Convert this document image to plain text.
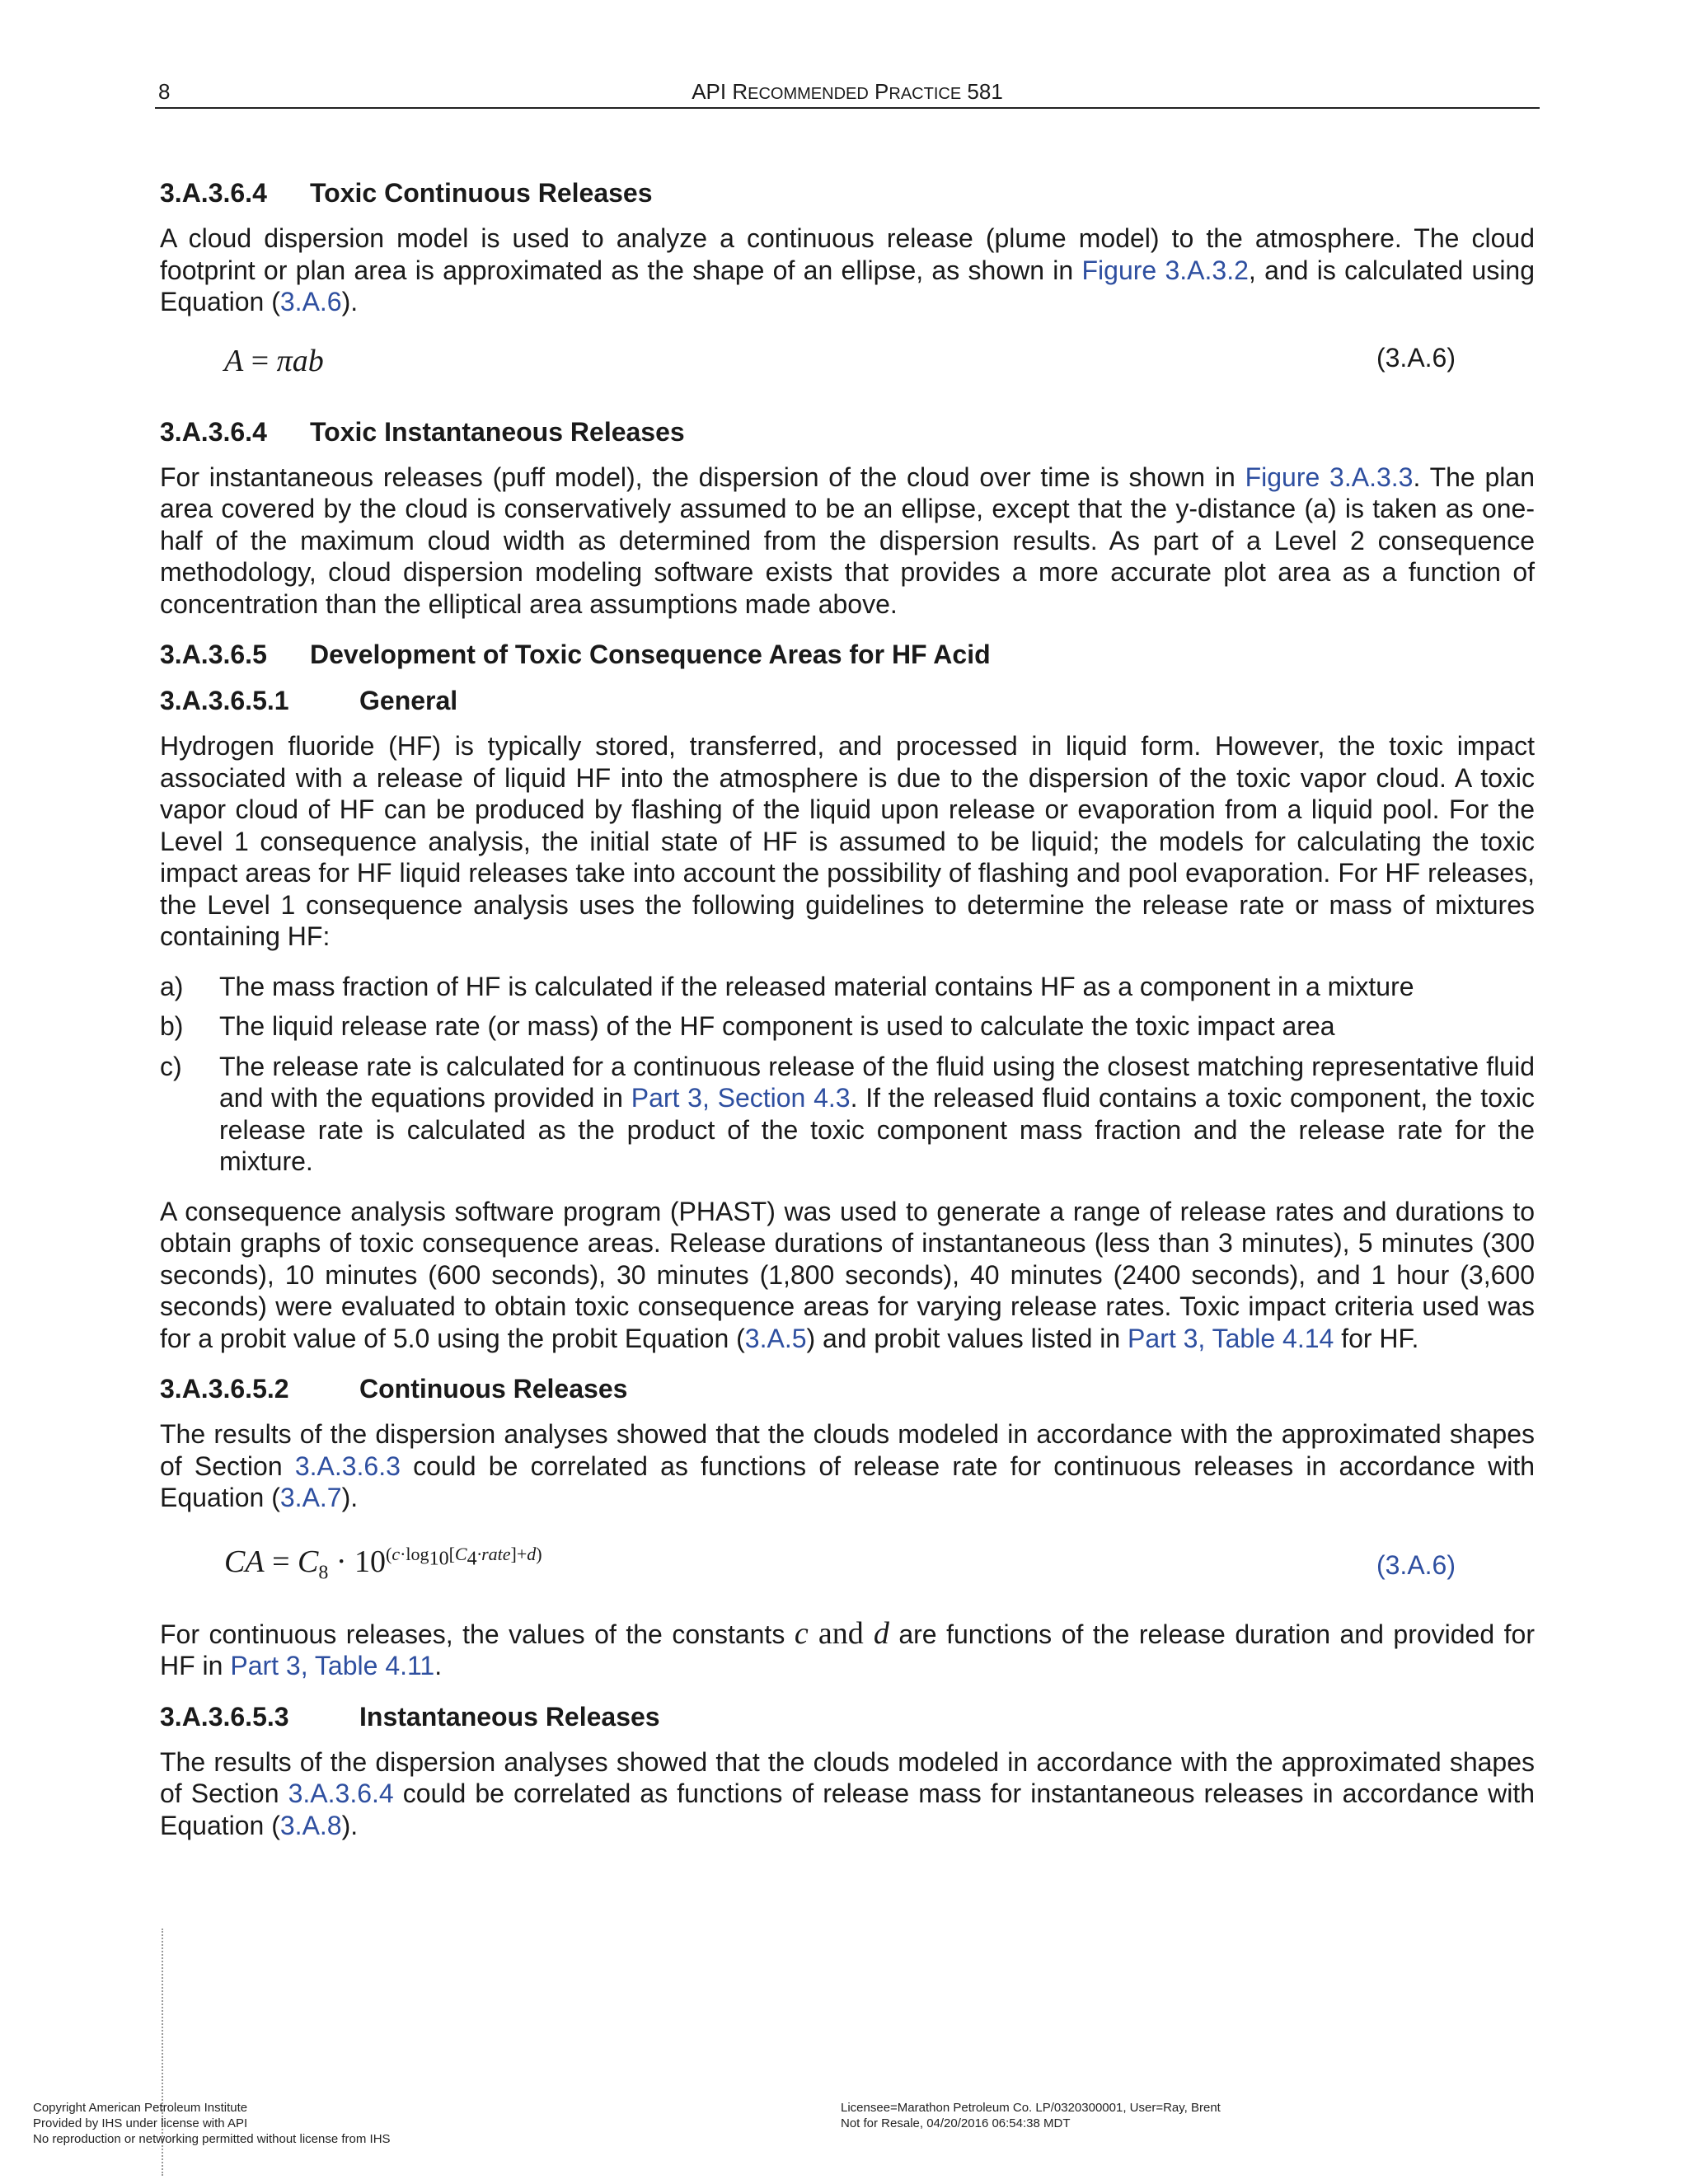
8	API RECOMMENDED PRACTICE 581
3.A.3.6.4	Toxic Continuous Releases

A cloud dispersion model is used to analyze a continuous release (plume model) to the atmosphere. The cloud footprint or plan area is approximated as the shape of an ellipse, as shown in Figure 3.A.3.2, and is calculated using Equation (3.A.6).

A = πab	(3.A.6)
3.A.3.6.4	Toxic Instantaneous Releases

For instantaneous releases (puff model), the dispersion of the cloud over time is shown in Figure 3.A.3.3. The plan area covered by the cloud is conservatively assumed to be an ellipse, except that the y-distance (a) is taken as one-half of the maximum cloud width as determined from the dispersion results. As part of a Level 2 consequence methodology, cloud dispersion modeling software exists that provides a more accurate plot area as a function of concentration than the elliptical area assumptions made above.

3.A.3.6.5	Development of Toxic Consequence Areas for HF Acid
3.A.3.6.5.1	General

Hydrogen fluoride (HF) is typically stored, transferred, and processed in liquid form. However, the toxic impact associated with a release of liquid HF into the atmosphere is due to the dispersion of the toxic vapor cloud. A toxic vapor cloud of HF can be produced by flashing of the liquid upon release or evaporation from a liquid pool. For the Level 1 consequence analysis, the initial state of HF is assumed to be liquid; the models for calculating the toxic impact areas for HF liquid releases take into account the possibility of flashing and pool evaporation. For HF releases, the Level 1 consequence analysis uses the following guidelines to determine the release rate or mass of mixtures containing HF:

a)	The mass fraction of HF is calculated if the released material contains HF as a component in a mixture
b)	The liquid release rate (or mass) of the HF component is used to calculate the toxic impact area
c)	The release rate is calculated for a continuous release of the fluid using the closest matching representative fluid and with the equations provided in Part 3, Section 4.3. If the released fluid contains a toxic component, the toxic release rate is calculated as the product of the toxic component mass fraction and the release rate for the mixture.

A consequence analysis software program (PHAST) was used to generate a range of release rates and durations to obtain graphs of toxic consequence areas. Release durations of instantaneous (less than 3 minutes), 5 minutes (300 seconds), 10 minutes (600 seconds), 30 minutes (1,800 seconds), 40 minutes (2400 seconds), and 1 hour (3,600 seconds) were evaluated to obtain toxic consequence areas for varying release rates. Toxic impact criteria used was for a probit value of 5.0 using the probit Equation (3.A.5) and probit values listed in Part 3, Table 4.14 for HF.

3.A.3.6.5.2	Continuous Releases

The results of the dispersion analyses showed that the clouds modeled in accordance with the approximated shapes of Section 3.A.3.6.3 could be correlated as functions of release rate for continuous releases in accordance with Equation (3.A.7).

CA = $C_8 \cdot 10^{(c\cdot log_{10}[C_4\cdot rate]+d)}$	(3.A.6)

For continuous releases, the values of the constants c and d are functions of the release duration and provided for HF in Part 3, Table 4.11.

3.A.3.6.5.3	Instantaneous Releases

The results of the dispersion analyses showed that the clouds modeled in accordance with the approximated shapes of Section 3.A.3.6.4 could be correlated as functions of release mass for instantaneous releases in accordance with Equation (3.A.8).

Copyright American Petroleum Institute
Provided by IHS under license with API
No reproduction or networking permitted without license from IHS
Licensee=Marathon Petroleum Co. LP/0320300001, User=Ray, Brent
Not for Resale, 04/20/2016 06:54:38 MDT
